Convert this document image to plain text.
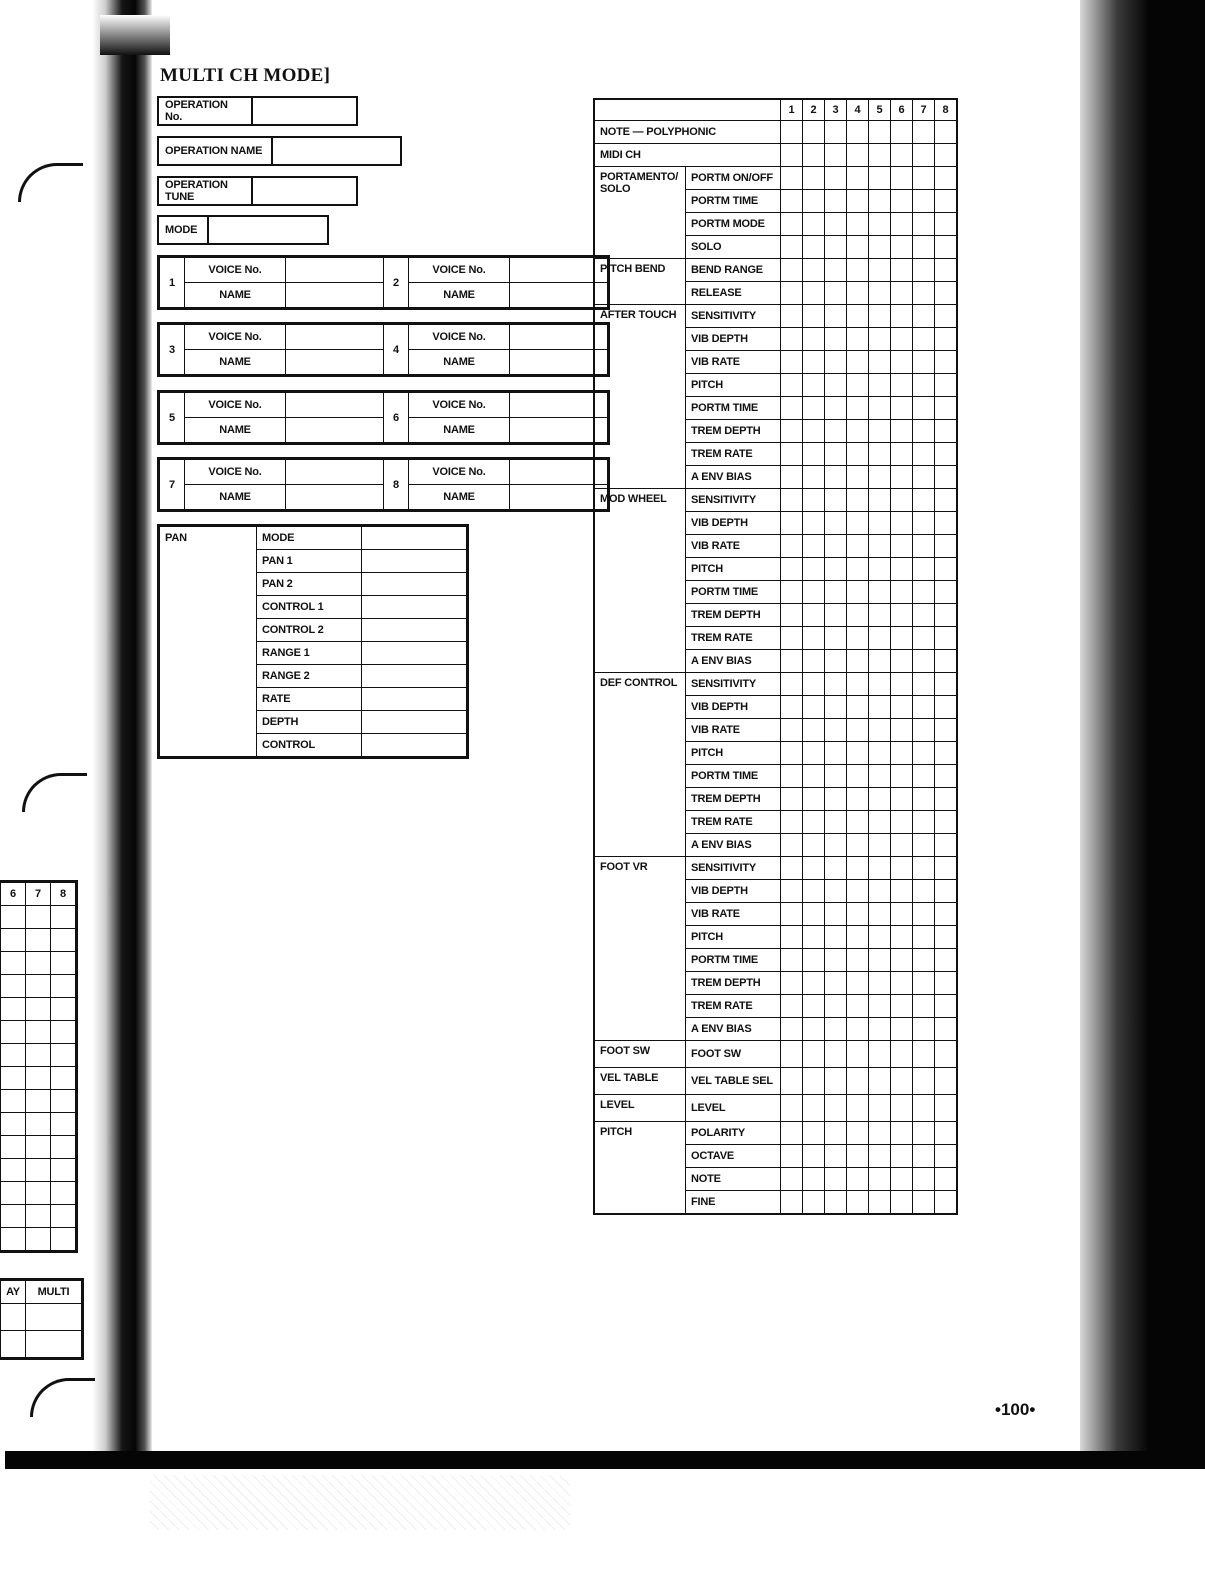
MULTI CH MODE]
OPERATION No.
OPERATION NAME
OPERATION TUNE
MODE
1	VOICE No.		2	VOICE No.	
	NAME			NAME	
3	VOICE No.		4	VOICE No.	
	NAME			NAME	
5	VOICE No.		6	VOICE No.	
	NAME			NAME	
7	VOICE No.		8	VOICE No.	
	NAME			NAME	
PAN	MODE	
	PAN 1	
	PAN 2	
	CONTROL 1	
	CONTROL 2	
	RANGE 1	
	RANGE 2	
	RATE	
	DEPTH	
	CONTROL	
		1	2	3	4	5	6	7	8
NOTE — POLYPHONIC									
MIDI CH									
PORTAMENTO/ SOLO	PORTM ON/OFF								
	PORTM TIME								
	PORTM MODE								
	SOLO								
PITCH BEND	BEND RANGE								
	RELEASE								
AFTER TOUCH	SENSITIVITY								
	VIB DEPTH								
	VIB RATE								
	PITCH								
	PORTM TIME								
	TREM DEPTH								
	TREM RATE								
	A ENV BIAS								
MOD WHEEL	SENSITIVITY								
	VIB DEPTH								
	VIB RATE								
	PITCH								
	PORTM TIME								
	TREM DEPTH								
	TREM RATE								
	A ENV BIAS								
DEF CONTROL	SENSITIVITY								
	VIB DEPTH								
	VIB RATE								
	PITCH								
	PORTM TIME								
	TREM DEPTH								
	TREM RATE								
	A ENV BIAS								
FOOT VR	SENSITIVITY								
	VIB DEPTH								
	VIB RATE								
	PITCH								
	PORTM TIME								
	TREM DEPTH								
	TREM RATE								
	A ENV BIAS								
FOOT SW	FOOT SW								
VEL TABLE	VEL TABLE SEL								
LEVEL	LEVEL								
PITCH	POLARITY								
	OCTAVE								
	NOTE								
	FINE								
6	7	8

AY	MULTI

•100•
